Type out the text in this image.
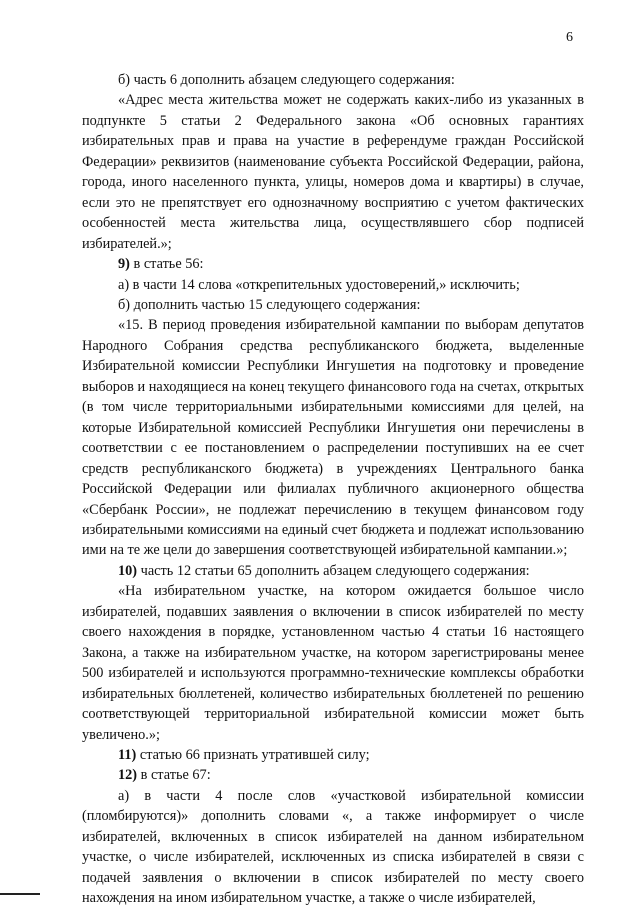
6

б) часть 6 дополнить абзацем следующего содержания:

«Адрес места жительства может не содержать каких-либо из указанных в подпункте 5 статьи 2 Федерального закона «Об основных гарантиях избирательных прав и права на участие в референдуме граждан Российской Федерации» реквизитов (наименование субъекта Российской Федерации, района, города, иного населенного пункта, улицы, номеров дома и квартиры) в случае, если это не препятствует его однозначному восприятию с учетом фактических особенностей места жительства лица, осуществлявшего сбор подписей избирателей.»;

9) в статье 56:

а) в части 14 слова «открепительных удостоверений,» исключить;

б) дополнить частью 15 следующего содержания:

«15. В период проведения избирательной кампании по выборам депутатов Народного Собрания средства республиканского бюджета, выделенные Избирательной комиссии Республики Ингушетия на подготовку и проведение выборов и находящиеся на конец текущего финансового года на счетах, открытых (в том числе территориальными избирательными комиссиями для целей, на которые Избирательной комиссией Республики Ингушетия они перечислены в соответствии с ее постановлением о распределении поступивших на ее счет средств республиканского бюджета) в учреждениях Центрального банка Российской Федерации или филиалах публичного акционерного общества «Сбербанк России», не подлежат перечислению в текущем финансовом году избирательными комиссиями на единый счет бюджета и подлежат использованию ими на те же цели до завершения соответствующей избирательной кампании.»;

10) часть 12 статьи 65 дополнить абзацем следующего содержания:

«На избирательном участке, на котором ожидается большое число избирателей, подавших заявления о включении в список избирателей по месту своего нахождения в порядке, установленном частью 4 статьи 16 настоящего Закона, а также на избирательном участке, на котором зарегистрированы менее 500 избирателей и используются программно-технические комплексы обработки избирательных бюллетеней, количество избирательных бюллетеней по решению соответствующей территориальной избирательной комиссии может быть увеличено.»;

11) статью 66 признать утратившей силу;

12) в статье 67:

а) в части 4 после слов «участковой избирательной комиссии (пломбируются)» дополнить словами «, а также информирует о числе избирателей, включенных в список избирателей на данном избирательном участке, о числе избирателей, исключенных из списка избирателей в связи с подачей заявления о включении в список избирателей по месту своего нахождения на ином избирательном участке, а также о числе избирателей,
